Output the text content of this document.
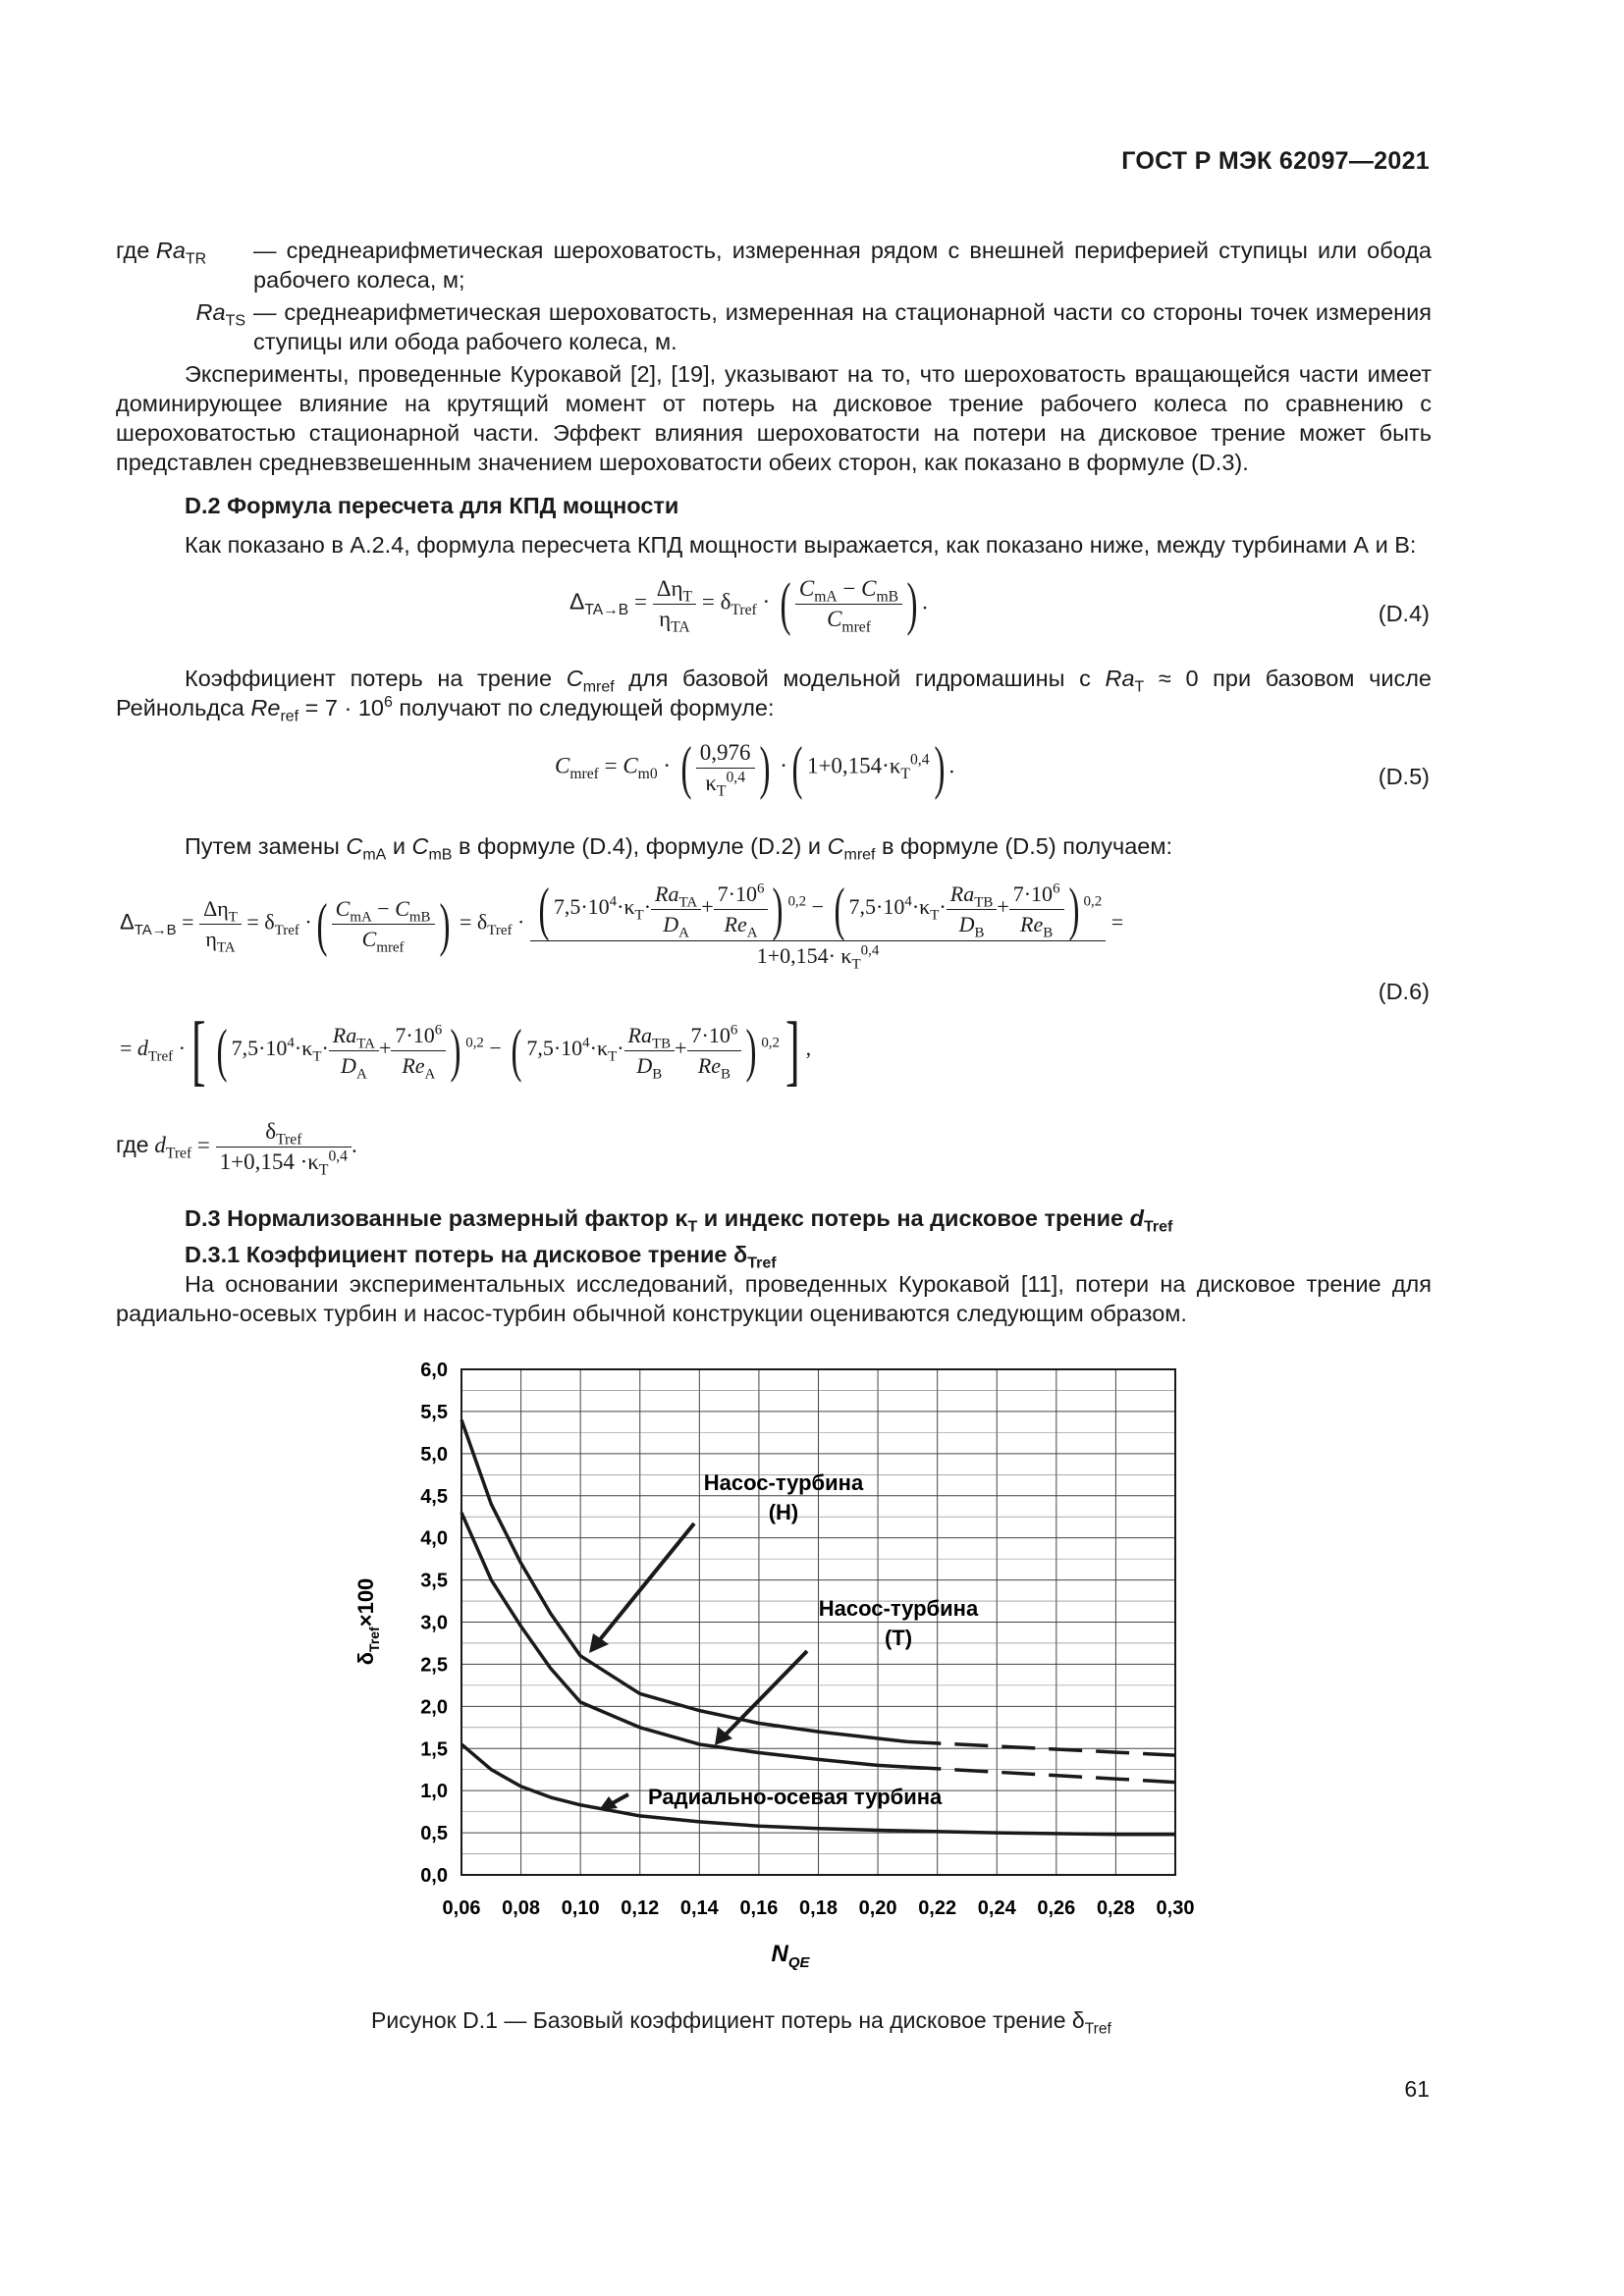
ГОСТ Р МЭК 62097—2021
где $Ra_{TR}$	— среднеарифметическая шероховатость, измеренная рядом с внешней периферией ступицы или обода рабочего колеса, м;
$Ra_{TS}$ — среднеарифметическая шероховатость, измеренная на стационарной части со стороны точек измерения ступицы или обода рабочего колеса, м.
Эксперименты, проведенные Курокавой [2], [19], указывают на то, что шероховатость вращающейся части имеет доминирующее влияние на крутящий момент от потерь на дисковое трение рабочего колеса по сравнению с шероховатостью стационарной части. Эффект влияния шероховатости на потери на дисковое трение может быть представлен средневзвешенным значением шероховатости обеих сторон, как показано в формуле (D.3).
D.2 Формула пересчета для КПД мощности
Как показано в А.2.4, формула пересчета КПД мощности выражается, как показано ниже, между турбинами А и В:
$\Delta_{TA\to B} = \frac{\Delta\eta_T}{\eta_{TA}} = \delta_{Tref}$ · ( $\frac{C_{mA} - C_{mB}}{C_{mref}}$ ) .	(D.4)
Коэффициент потерь на трение $C_{mref}$ для базовой модельной гидромашины с $Ra_T \approx 0$ при базовом числе Рейнольдса $Re_{ref} = 7 \cdot 10^6$ получают по следующей формуле:
$C_{mref} = C_{m0}$ · ( $\frac{0,976}{\kappa_T^{0,4}}$ ) ·( $1+0,154\cdot\kappa_T^{0,4}$) .	(D.5)
Путем замены $C_{mA}$ и $C_{mB}$ в формуле (D.4), формуле (D.2) и $C_{mref}$ в формуле (D.5) получаем:
$\Delta_{TA\to B} = \frac{\Delta\eta_T}{\eta_{TA}} = \delta_{Tref}$ ·( $\frac{C_{mA} - C_{mB}}{C_{mref}}$ ) = $\delta_{Tref}$ · ( $7,5\cdot 10^4\cdot\kappa_T\cdot \frac{Ra_{TA}}{D_A} + \frac{7\cdot 10^6}{Re_A}$ ) $^{0,2}$ − ( $7,5\cdot 10^4\cdot\kappa_T\cdot \frac{Ra_{TB}}{D_B} + \frac{7\cdot 10^6}{Re_B}$ ) $^{0,2}$
$1+0,154\cdot \kappa_T^{0,4}$
=
(D.6)
= $d_{Tref}$ ·[ ( $7,5\cdot 10^4\cdot\kappa_T\cdot \frac{Ra_{TA}}{D_A} + \frac{7\cdot 10^6}{Re_A}$ ) $^{0,2}$ − ( $7,5\cdot 10^4\cdot\kappa_T\cdot \frac{Ra_{TB}}{D_B} + \frac{7\cdot 10^6}{Re_B}$ ) $^{0,2}$] ,
где $d_{Tref} = \frac{\delta_{Tref}}{1+0,154 \cdot\kappa_T^{0,4}}$ .
D.3 Нормализованные размерный фактор $\kappa_T$ и индекс потерь на дисковое трение $d_{Tref}$
D.3.1 Коэффициент потерь на дисковое трение $\delta_{Tref}$
На основании экспериментальных исследований, проведенных Курокавой [11], потери на дисковое трение для радиально-осевых турбин и насос-турбин обычной конструкции оцениваются следующим образом.
0,0
0,5
1,0
1,5
2,0
2,5
3,0
3,5
4,0
4,5
5,0
5,5
6,0
0,06 0,08 0,10 0,12 0,14 0,16 0,18 0,20 0,22 0,24 0,26 0,28 0,30
Насос-турбина
(Н)
Насос-турбина
(Т)
Радиально-осевая турбина
$N_{QE}$
$\delta_{Tref}\times 100$
Рисунок D.1 — Базовый коэффициент потерь на дисковое трение $\delta_{Tref}$
61
